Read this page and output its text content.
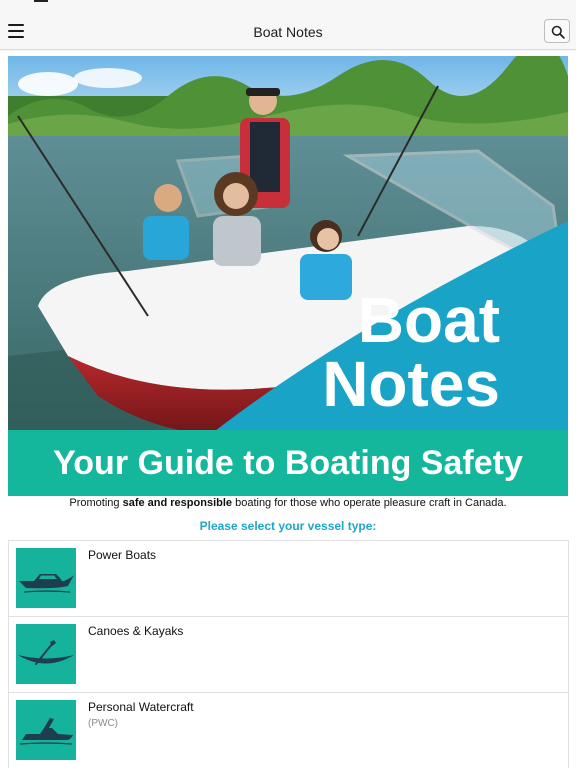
Boat Notes
Boat
Notes
Your Guide to Boating Safety
Promoting safe and responsible boating for those who operate pleasure craft in Canada.
Please select your vessel type:
Power Boats
Canoes & Kayaks
Personal Watercraft
(PWC)
